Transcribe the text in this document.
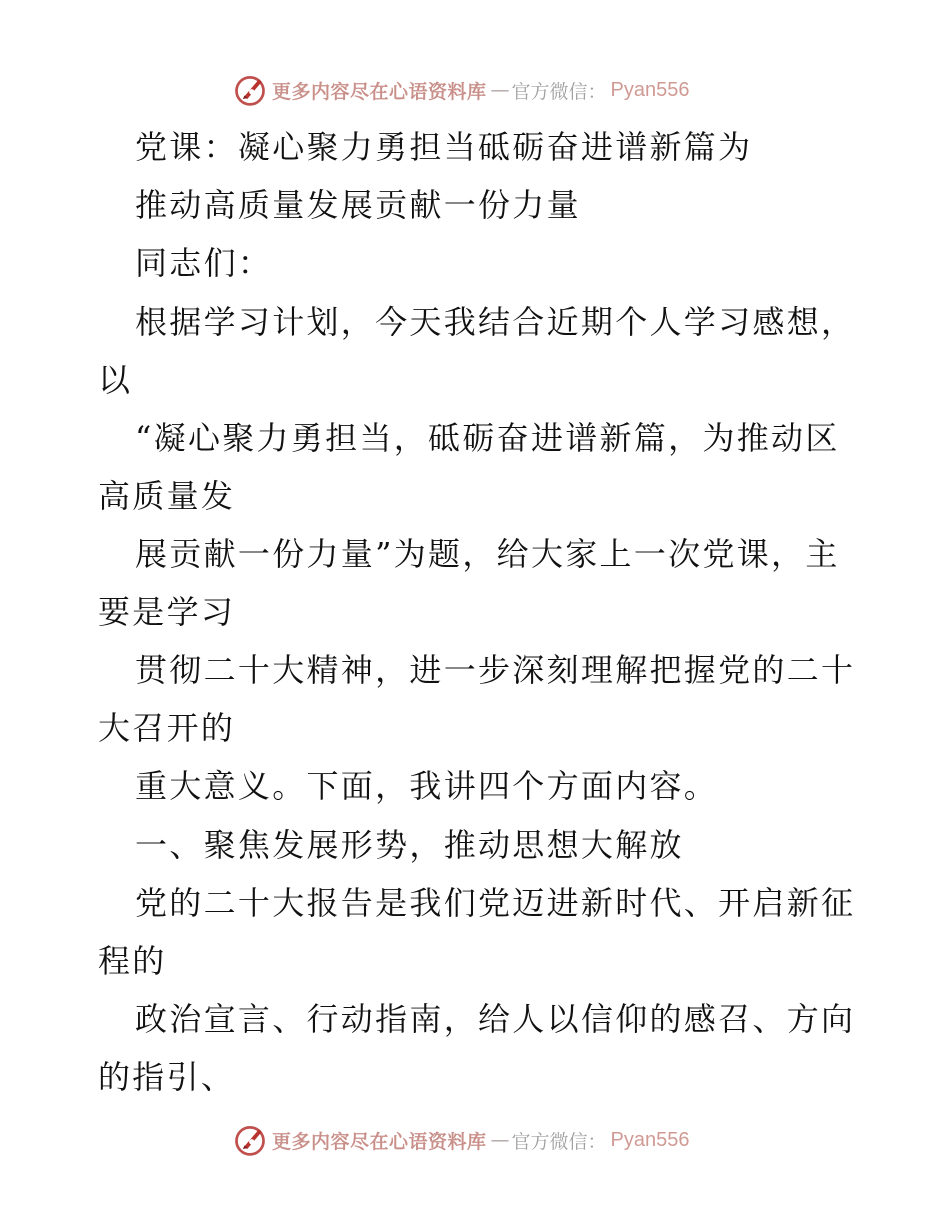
更多内容尽在心语资料库 — 官方微信： Pyan556

党课：凝心聚力勇担当砥砺奋进谱新篇为

推动高质量发展贡献一份力量

同志们：

根据学习计划，今天我结合近期个人学习感想，

以

“凝心聚力勇担当，砥砺奋进谱新篇，为推动区

高质量发

展贡献一份力量”为题，给大家上一次党课，主

要是学习

贯彻二十大精神，进一步深刻理解把握党的二十

大召开的

重大意义。下面，我讲四个方面内容。

一、聚焦发展形势，推动思想大解放

党的二十大报告是我们党迈进新时代、开启新征

程的

政治宣言、行动指南，给人以信仰的感召、方向

的指引、

更多内容尽在心语资料库 — 官方微信： Pyan556
